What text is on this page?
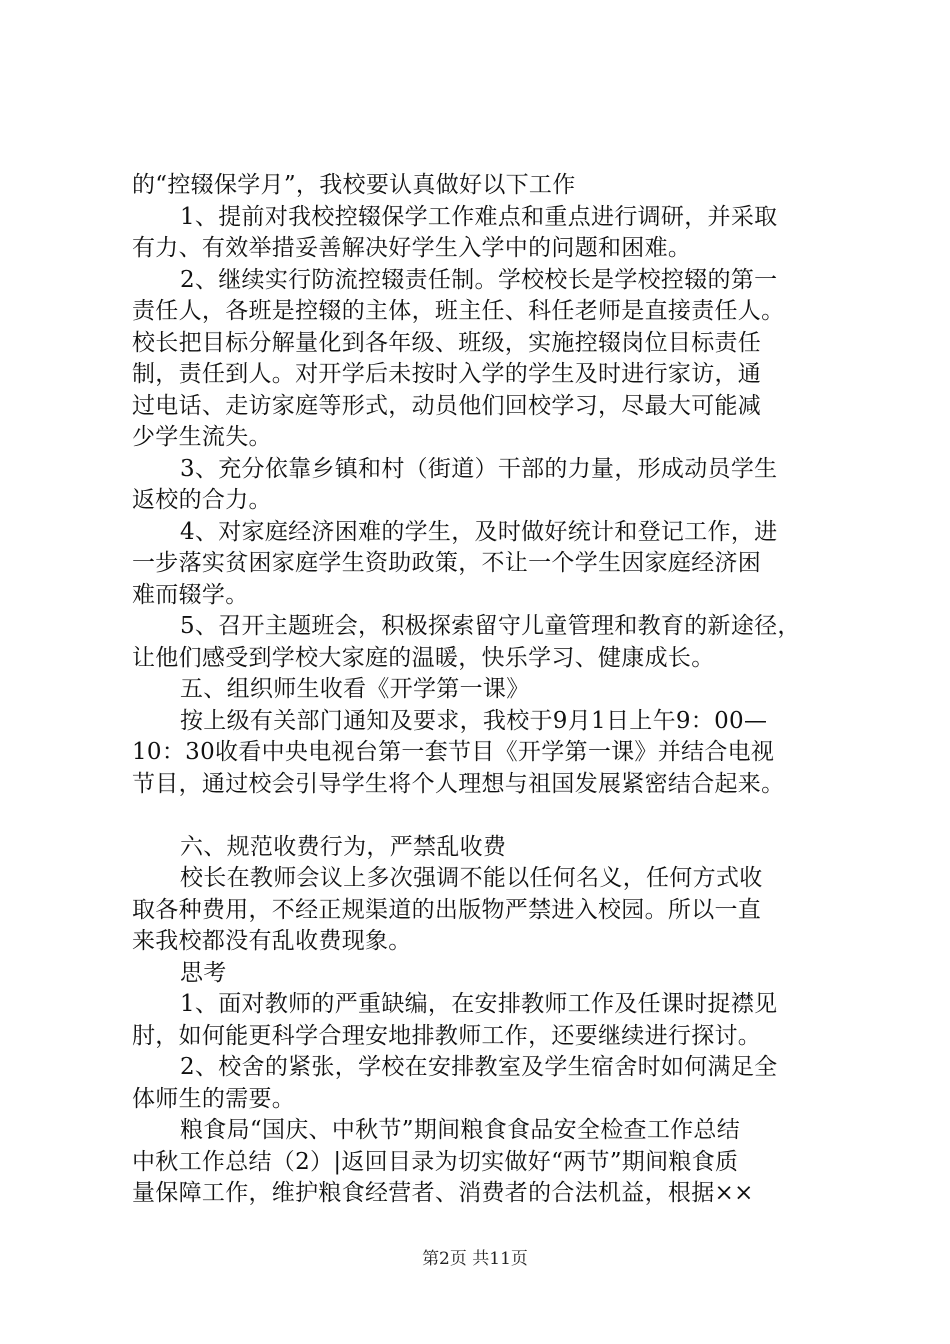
的“控辍保学月”，我校要认真做好以下工作
1、提前对我校控辍保学工作难点和重点进行调研，并采取
有力、有效举措妥善解决好学生入学中的问题和困难。
2、继续实行防流控辍责任制。学校校长是学校控辍的第一
责任人，各班是控辍的主体，班主任、科任老师是直接责任人。
校长把目标分解量化到各年级、班级，实施控辍岗位目标责任
制，责任到人。对开学后未按时入学的学生及时进行家访，通
过电话、走访家庭等形式，动员他们回校学习，尽最大可能减
少学生流失。
3、充分依靠乡镇和村（街道）干部的力量，形成动员学生
返校的合力。
4、对家庭经济困难的学生，及时做好统计和登记工作，进
一步落实贫困家庭学生资助政策，不让一个学生因家庭经济困
难而辍学。
5、召开主题班会，积极探索留守儿童管理和教育的新途径，
让他们感受到学校大家庭的温暖，快乐学习、健康成长。
五、组织师生收看《开学第一课》
按上级有关部门通知及要求，我校于9月1日上午9：00—
10：30收看中央电视台第一套节目《开学第一课》并结合电视
节目，通过校会引导学生将个人理想与祖国发展紧密结合起来。
六、规范收费行为，严禁乱收费
校长在教师会议上多次强调不能以任何名义，任何方式收
取各种费用，不经正规渠道的出版物严禁进入校园。所以一直
来我校都没有乱收费现象。
思考
1、面对教师的严重缺编，在安排教师工作及任课时捉襟见
肘，如何能更科学合理安地排教师工作，还要继续进行探讨。
2、校舍的紧张，学校在安排教室及学生宿舍时如何满足全
体师生的需要。
粮食局“国庆、中秋节”期间粮食食品安全检查工作总结
中秋工作总结（2）|返回目录为切实做好“两节”期间粮食质
量保障工作，维护粮食经营者、消费者的合法机益，根据××
第2页 共11页
